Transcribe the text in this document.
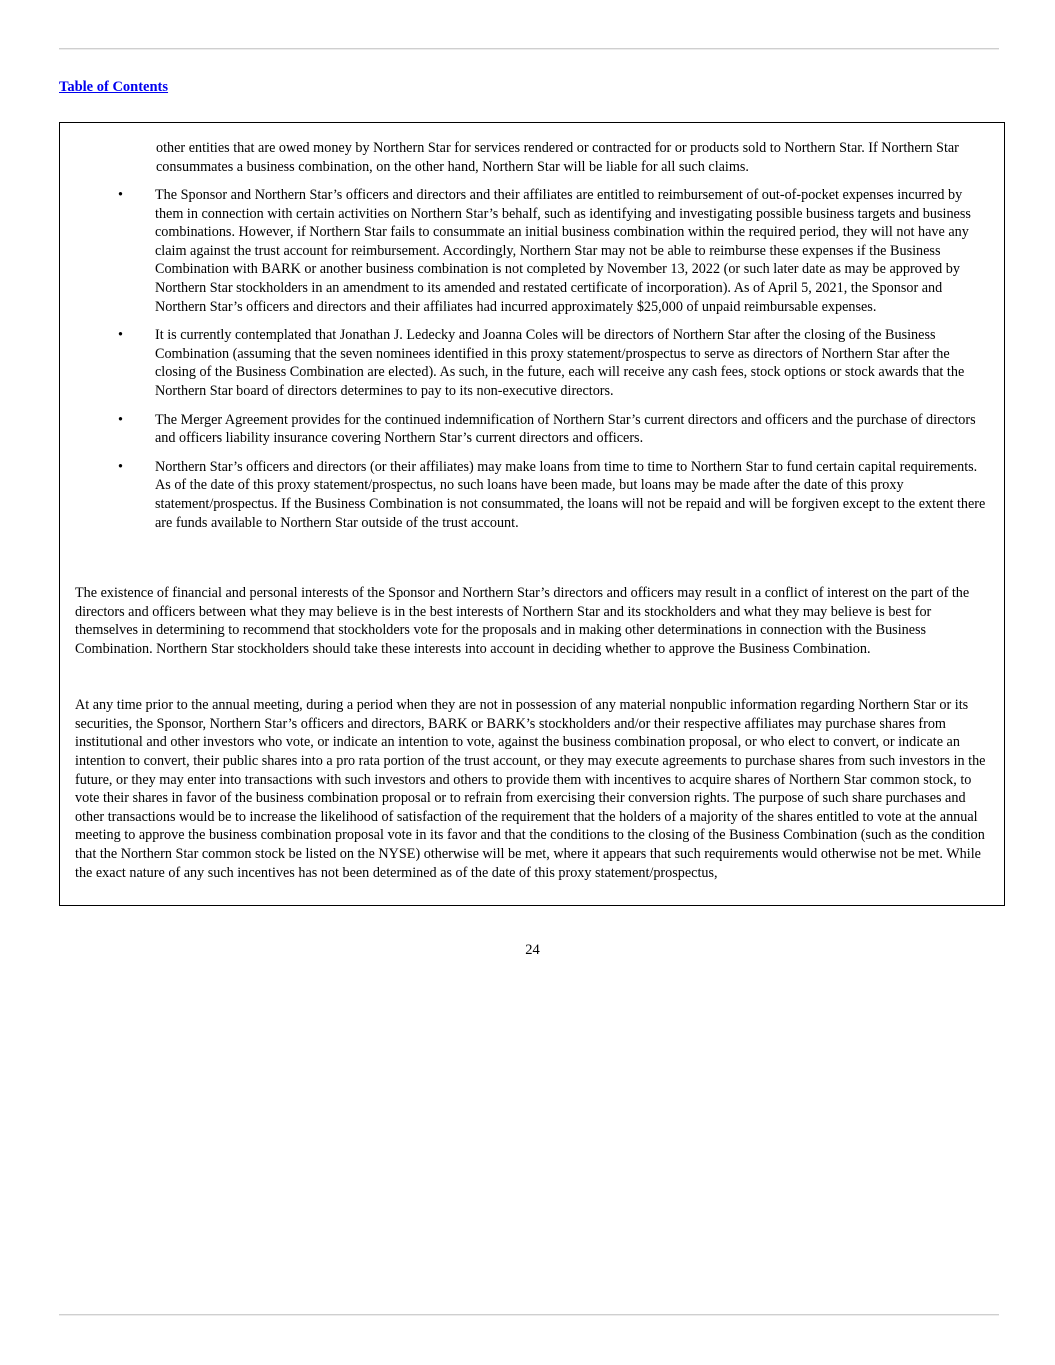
Table of Contents
other entities that are owed money by Northern Star for services rendered or contracted for or products sold to Northern Star. If Northern Star consummates a business combination, on the other hand, Northern Star will be liable for all such claims.
• The Sponsor and Northern Star’s officers and directors and their affiliates are entitled to reimbursement of out-of-pocket expenses incurred by them in connection with certain activities on Northern Star’s behalf, such as identifying and investigating possible business targets and business combinations. However, if Northern Star fails to consummate an initial business combination within the required period, they will not have any claim against the trust account for reimbursement. Accordingly, Northern Star may not be able to reimburse these expenses if the Business Combination with BARK or another business combination is not completed by November 13, 2022 (or such later date as may be approved by Northern Star stockholders in an amendment to its amended and restated certificate of incorporation). As of April 5, 2021, the Sponsor and Northern Star’s officers and directors and their affiliates had incurred approximately $25,000 of unpaid reimbursable expenses.
• It is currently contemplated that Jonathan J. Ledecky and Joanna Coles will be directors of Northern Star after the closing of the Business Combination (assuming that the seven nominees identified in this proxy statement/prospectus to serve as directors of Northern Star after the closing of the Business Combination are elected). As such, in the future, each will receive any cash fees, stock options or stock awards that the Northern Star board of directors determines to pay to its non-executive directors.
• The Merger Agreement provides for the continued indemnification of Northern Star’s current directors and officers and the purchase of directors and officers liability insurance covering Northern Star’s current directors and officers.
• Northern Star’s officers and directors (or their affiliates) may make loans from time to time to Northern Star to fund certain capital requirements. As of the date of this proxy statement/prospectus, no such loans have been made, but loans may be made after the date of this proxy statement/prospectus. If the Business Combination is not consummated, the loans will not be repaid and will be forgiven except to the extent there are funds available to Northern Star outside of the trust account.

The existence of financial and personal interests of the Sponsor and Northern Star’s directors and officers may result in a conflict of interest on the part of the directors and officers between what they may believe is in the best interests of Northern Star and its stockholders and what they may believe is best for themselves in determining to recommend that stockholders vote for the proposals and in making other determinations in connection with the Business Combination. Northern Star stockholders should take these interests into account in deciding whether to approve the Business Combination.

At any time prior to the annual meeting, during a period when they are not in possession of any material nonpublic information regarding Northern Star or its securities, the Sponsor, Northern Star’s officers and directors, BARK or BARK’s stockholders and/or their respective affiliates may purchase shares from institutional and other investors who vote, or indicate an intention to vote, against the business combination proposal, or who elect to convert, or indicate an intention to convert, their public shares into a pro rata portion of the trust account, or they may execute agreements to purchase shares from such investors in the future, or they may enter into transactions with such investors and others to provide them with incentives to acquire shares of Northern Star common stock, to vote their shares in favor of the business combination proposal or to refrain from exercising their conversion rights. The purpose of such share purchases and other transactions would be to increase the likelihood of satisfaction of the requirement that the holders of a majority of the shares entitled to vote at the annual meeting to approve the business combination proposal vote in its favor and that the conditions to the closing of the Business Combination (such as the condition that the Northern Star common stock be listed on the NYSE) otherwise will be met, where it appears that such requirements would otherwise not be met. While the exact nature of any such incentives has not been determined as of the date of this proxy statement/prospectus,

24
